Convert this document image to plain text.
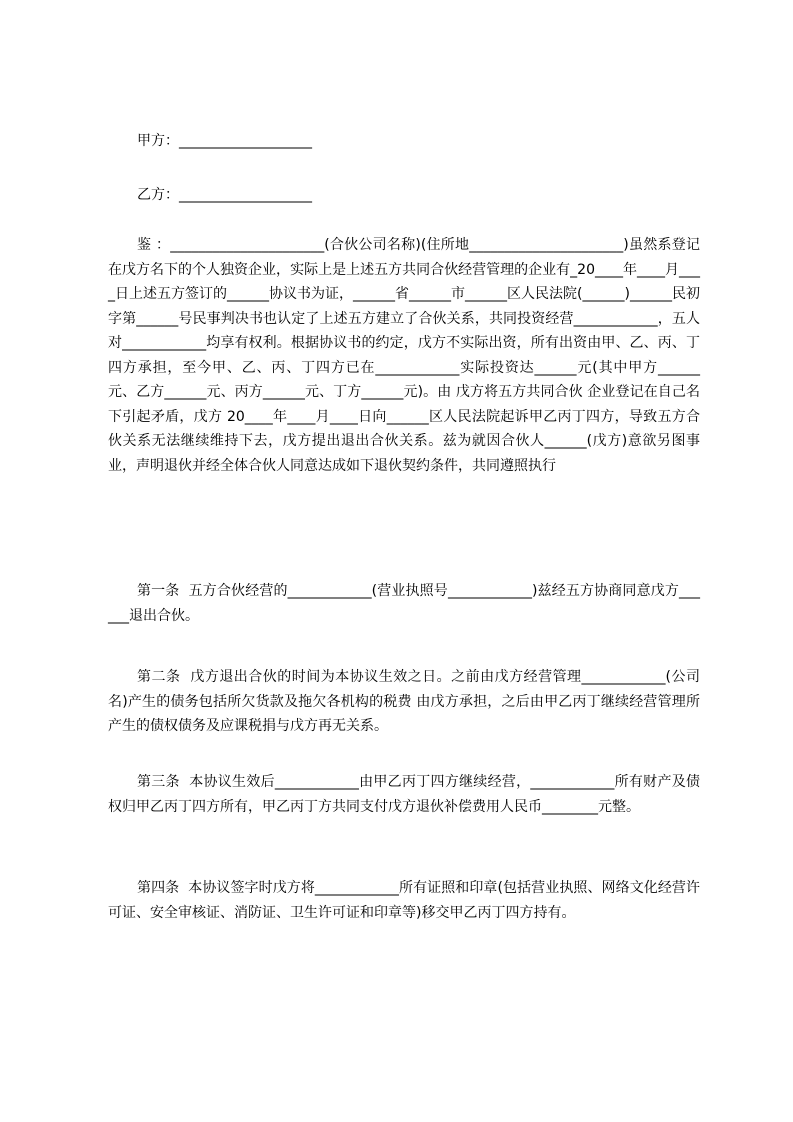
甲方：___________________
乙方：___________________
鉴 ：______________________(合伙公司名称)(住所地______________________)虽然系登记在戊方名下的个人独资企业，实际上是上述五方共同合伙经营管理的企业有_20____年____月____日上述五方签订的______协议书为证，______省______市______区人民法院(______)______民初字第______号民事判决书也认定了上述五方建立了合伙关系，共同投资经营____________，五人对____________均享有权利。根据协议书的约定，戊方不实际出资，所有出资由甲、乙、丙、丁四方承担，至今甲、乙、丙、丁四方已在____________实际投资达______元(其中甲方______元、乙方______元、丙方______元、丁方______元)。由 戊方将五方共同合伙 企业登记在自己名下引起矛盾，戊方 20____年____月____日向______区人民法院起诉甲乙丙丁四方，导致五方合伙关系无法继续维持下去，戊方提出退出合伙关系。兹为就因合伙人______(戊方)意欲另图事业，声明退伙并经全体合伙人同意达成如下退伙契约条件，共同遵照执行
第一条  五方合伙经营的____________(营业执照号____________)兹经五方协商同意戊方______退出合伙。
第二条  戊方退出合伙的时间为本协议生效之日。之前由戊方经营管理____________(公司名)产生的债务包括所欠货款及拖欠各机构的税费 由戊方承担，之后由甲乙丙丁继续经营管理所产生的债权债务及应课税捐与戊方再无关系。
第三条  本协议生效后____________由甲乙丙丁四方继续经营，____________所有财产及债权归甲乙丙丁四方所有，甲乙丙丁方共同支付戊方退伙补偿费用人民币________元整。
第四条  本协议签字时戊方将____________所有证照和印章(包括营业执照、网络文化经营许可证、安全审核证、消防证、卫生许可证和印章等)移交甲乙丙丁四方持有。
